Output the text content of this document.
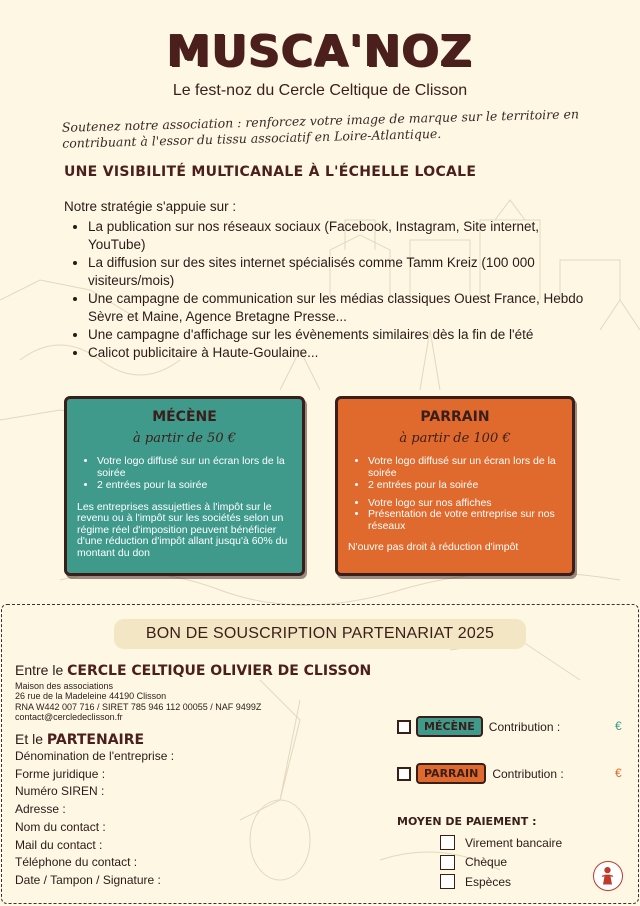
MUSCA'NOZ
Le fest-noz du Cercle Celtique de Clisson
Soutenez notre association : renforcez votre image de marque sur le territoire en contribuant à l'essor du tissu associatif en Loire-Atlantique.
UNE VISIBILITÉ MULTICANALE À L'ÉCHELLE LOCALE
Notre stratégie s'appuie sur :
• La publication sur nos réseaux sociaux (Facebook, Instagram, Site internet, YouTube)
• La diffusion sur des sites internet spécialisés comme Tamm Kreiz (100 000 visiteurs/mois)
• Une campagne de communication sur les médias classiques Ouest France, Hebdo Sèvre et Maine, Agence Bretagne Presse...
• Une campagne d'affichage sur les évènements similaires dès la fin de l'été
• Calicot publicitaire à Haute-Goulaine...
MÉCÈNE
à partir de 50 €
• Votre logo diffusé sur un écran lors de la soirée
• 2 entrées pour la soirée
Les entreprises assujetties à l'impôt sur le revenu ou à l'impôt sur les sociétés selon un régime réel d'imposition peuvent bénéficier d'une réduction d'impôt allant jusqu'à 60% du montant du don
PARRAIN
à partir de 100 €
• Votre logo diffusé sur un écran lors de la soirée
• 2 entrées pour la soirée
• Votre logo sur nos affiches
• Présentation de votre entreprise sur nos réseaux
N'ouvre pas droit à réduction d'impôt
BON DE SOUSCRIPTION PARTENARIAT 2025
Entre le CERCLE CELTIQUE OLIVIER DE CLISSON
Maison des associations
26 rue de la Madeleine 44190 Clisson
RNA W442 007 716 / SIRET 785 946 112 00055 / NAF 9499Z
contact@cercledeclisson.fr
Et le PARTENAIRE
Dénomination de l'entreprise :
Forme juridique :
Numéro SIREN :
Adresse :
Nom du contact :
Mail du contact :
Téléphone du contact :
Date / Tampon / Signature :
MÉCÈNE	Contribution :	€
PARRAIN	Contribution :	€
MOYEN DE PAIEMENT :
Virement bancaire
Chèque
Espèces
